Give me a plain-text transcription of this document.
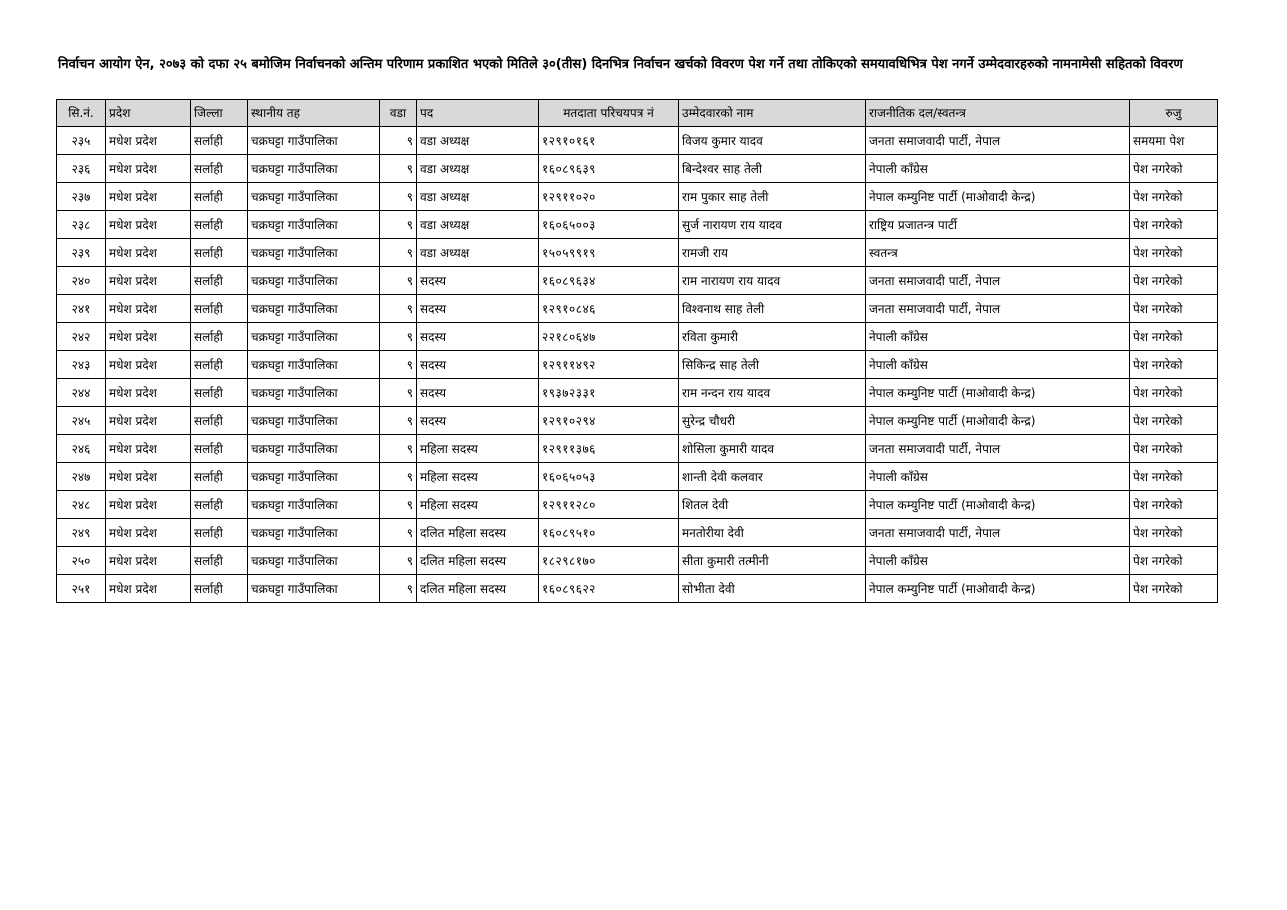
निर्वाचन आयोग ऐन, २०७३ को दफा २५ बमोजिम निर्वाचनको अन्तिम परिणाम प्रकाशित भएको मितिले ३०(तीस) दिनभित्र निर्वाचन खर्चको विवरण पेश गर्ने तथा तोकिएको समयावधिभित्र पेश नगर्ने उम्मेदवारहरुको नामनामेसी सहितको विवरण
सि.नं.	प्रदेश	जिल्ला	स्थानीय तह	वडा	पद	मतदाता परिचयपत्र नं	उम्मेदवारको नाम	राजनीतिक दल/स्वतन्त्र	रुजु
२३५	मधेश प्रदेश	सर्लाही	चक्रघट्टा गाउँपालिका	९	वडा अध्यक्ष	१२९१०१६१	विजय कुमार यादव	जनता समाजवादी पार्टी, नेपाल	समयमा पेश
२३६	मधेश प्रदेश	सर्लाही	चक्रघट्टा गाउँपालिका	९	वडा अध्यक्ष	१६०८९६३९	बिन्देश्वर साह तेली	नेपाली काँग्रेस	पेश नगरेको
२३७	मधेश प्रदेश	सर्लाही	चक्रघट्टा गाउँपालिका	९	वडा अध्यक्ष	१२९११०२०	राम पुकार साह तेली	नेपाल कम्युनिष्ट पार्टी (माओवादी केन्द्र)	पेश नगरेको
२३८	मधेश प्रदेश	सर्लाही	चक्रघट्टा गाउँपालिका	९	वडा अध्यक्ष	१६०६५००३	सुर्ज नारायण राय यादव	राष्ट्रिय प्रजातन्त्र पार्टी	पेश नगरेको
२३९	मधेश प्रदेश	सर्लाही	चक्रघट्टा गाउँपालिका	९	वडा अध्यक्ष	१५०५९९१९	रामजी राय	स्वतन्त्र	पेश नगरेको
२४०	मधेश प्रदेश	सर्लाही	चक्रघट्टा गाउँपालिका	९	सदस्य	१६०८९६३४	राम नारायण राय यादव	जनता समाजवादी पार्टी, नेपाल	पेश नगरेको
२४१	मधेश प्रदेश	सर्लाही	चक्रघट्टा गाउँपालिका	९	सदस्य	१२९१०८४६	विश्वनाथ साह तेली	जनता समाजवादी पार्टी, नेपाल	पेश नगरेको
२४२	मधेश प्रदेश	सर्लाही	चक्रघट्टा गाउँपालिका	९	सदस्य	२२१८०६४७	रविता कुमारी	नेपाली काँग्रेस	पेश नगरेको
२४३	मधेश प्रदेश	सर्लाही	चक्रघट्टा गाउँपालिका	९	सदस्य	१२९११४९२	सिकिन्द्र साह तेली	नेपाली काँग्रेस	पेश नगरेको
२४४	मधेश प्रदेश	सर्लाही	चक्रघट्टा गाउँपालिका	९	सदस्य	१९३७२३३१	राम नन्दन राय यादव	नेपाल कम्युनिष्ट पार्टी (माओवादी केन्द्र)	पेश नगरेको
२४५	मधेश प्रदेश	सर्लाही	चक्रघट्टा गाउँपालिका	९	सदस्य	१२९१०२९४	सुरेन्द्र चौधरी	नेपाल कम्युनिष्ट पार्टी (माओवादी केन्द्र)	पेश नगरेको
२४६	मधेश प्रदेश	सर्लाही	चक्रघट्टा गाउँपालिका	९	महिला सदस्य	१२९११३७६	शोसिला कुमारी यादव	जनता समाजवादी पार्टी, नेपाल	पेश नगरेको
२४७	मधेश प्रदेश	सर्लाही	चक्रघट्टा गाउँपालिका	९	महिला सदस्य	१६०६५०५३	शान्ती देवी कलवार	नेपाली काँग्रेस	पेश नगरेको
२४८	मधेश प्रदेश	सर्लाही	चक्रघट्टा गाउँपालिका	९	महिला सदस्य	१२९११२८०	शितल देवी	नेपाल कम्युनिष्ट पार्टी (माओवादी केन्द्र)	पेश नगरेको
२४९	मधेश प्रदेश	सर्लाही	चक्रघट्टा गाउँपालिका	९	दलित महिला सदस्य	१६०८९५१०	मनतोरीया देवी	जनता समाजवादी पार्टी, नेपाल	पेश नगरेको
२५०	मधेश प्रदेश	सर्लाही	चक्रघट्टा गाउँपालिका	९	दलित महिला सदस्य	१८२९८१७०	सीता कुमारी तत्मीनी	नेपाली काँग्रेस	पेश नगरेको
२५१	मधेश प्रदेश	सर्लाही	चक्रघट्टा गाउँपालिका	९	दलित महिला सदस्य	१६०८९६२२	सोभीता देवी	नेपाल कम्युनिष्ट पार्टी (माओवादी केन्द्र)	पेश नगरेको
